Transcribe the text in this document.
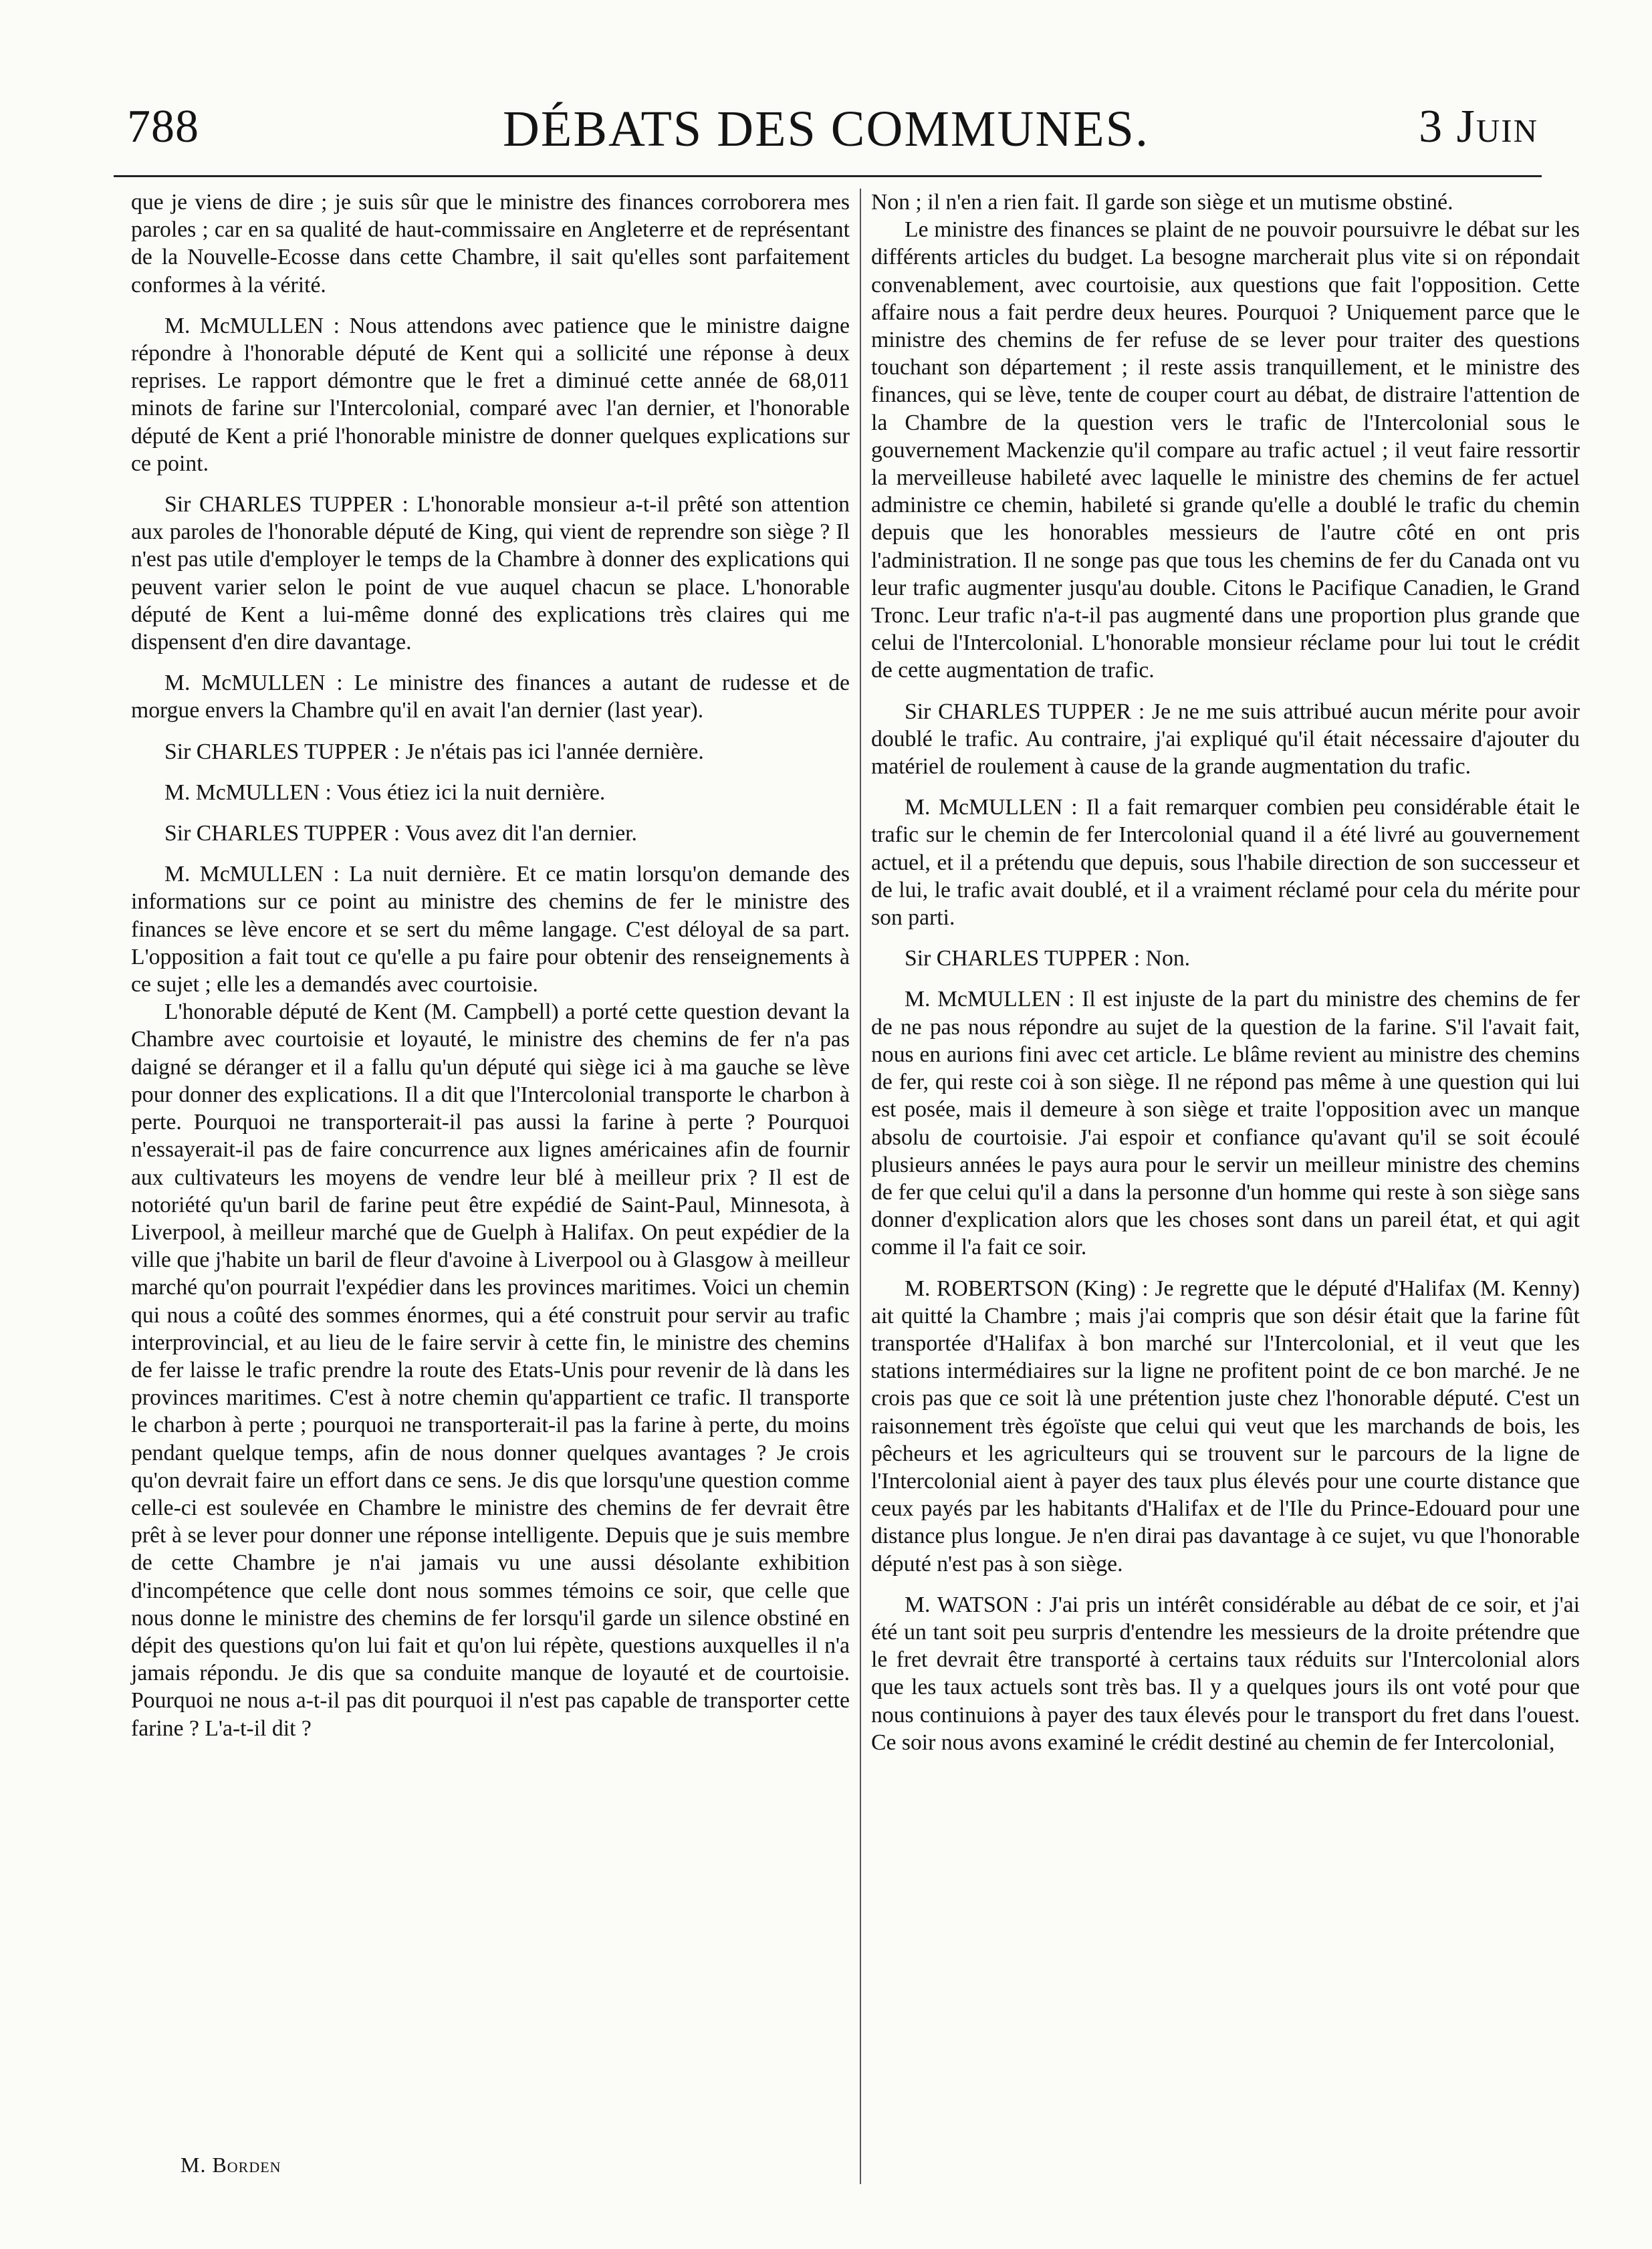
788	DÉBATS DES COMMUNES.	3 Juin

que je viens de dire ; je suis sûr que le ministre des finances corroborera mes paroles ; car en sa qualité de haut-commissaire en Angleterre et de représentant de la Nouvelle-Ecosse dans cette Chambre, il sait qu'elles sont parfaitement conformes à la vérité.

M. McMULLEN : Nous attendons avec patience que le ministre daigne répondre à l'honorable député de Kent qui a sollicité une réponse à deux reprises. Le rapport démontre que le fret a diminué cette année de 68,011 minots de farine sur l'Intercolonial, comparé avec l'an dernier, et l'honorable député de Kent a prié l'honorable ministre de donner quelques explications sur ce point.

Sir CHARLES TUPPER : L'honorable monsieur a-t-il prêté son attention aux paroles de l'honorable député de King, qui vient de reprendre son siège ? Il n'est pas utile d'employer le temps de la Chambre à donner des explications qui peuvent varier selon le point de vue auquel chacun se place. L'honorable député de Kent a lui-même donné des explications très claires qui me dispensent d'en dire davantage.

M. McMULLEN : Le ministre des finances a autant de rudesse et de morgue envers la Chambre qu'il en avait l'an dernier (last year).

Sir CHARLES TUPPER : Je n'étais pas ici l'année dernière.

M. McMULLEN : Vous étiez ici la nuit dernière.

Sir CHARLES TUPPER : Vous avez dit l'an dernier.

M. McMULLEN : La nuit dernière. Et ce matin lorsqu'on demande des informations sur ce point au ministre des chemins de fer le ministre des finances se lève encore et se sert du même langage. C'est déloyal de sa part. L'opposition a fait tout ce qu'elle a pu faire pour obtenir des renseignements à ce sujet ; elle les a demandés avec courtoisie.

L'honorable député de Kent (M. Campbell) a porté cette question devant la Chambre avec courtoisie et loyauté, le ministre des chemins de fer n'a pas daigné se déranger et il a fallu qu'un député qui siège ici à ma gauche se lève pour donner des explications. Il a dit que l'Intercolonial transporte le charbon à perte. Pourquoi ne transporterait-il pas aussi la farine à perte ? Pourquoi n'essayerait-il pas de faire concurrence aux lignes américaines afin de fournir aux cultivateurs les moyens de vendre leur blé à meilleur prix ? Il est de notoriété qu'un baril de farine peut être expédié de Saint-Paul, Minnesota, à Liverpool, à meilleur marché que de Guelph à Halifax. On peut expédier de la ville que j'habite un baril de fleur d'avoine à Liverpool ou à Glasgow à meilleur marché qu'on pourrait l'expédier dans les provinces maritimes. Voici un chemin qui nous a coûté des sommes énormes, qui a été construit pour servir au trafic interprovincial, et au lieu de le faire servir à cette fin, le ministre des chemins de fer laisse le trafic prendre la route des Etats-Unis pour revenir de là dans les provinces maritimes. C'est à notre chemin qu'appartient ce trafic. Il transporte le charbon à perte ; pourquoi ne transporterait-il pas la farine à perte, du moins pendant quelque temps, afin de nous donner quelques avantages ? Je crois qu'on devrait faire un effort dans ce sens. Je dis que lorsqu'une question comme celle-ci est soulevée en Chambre le ministre des chemins de fer devrait être prêt à se lever pour donner une réponse intelligente. Depuis que je suis membre de cette Chambre je n'ai jamais vu une aussi désolante exhibition d'incompétence que celle dont nous sommes témoins ce soir, que celle que nous donne le ministre des chemins de fer lorsqu'il garde un silence obstiné en dépit des questions qu'on lui fait et qu'on lui répète, questions auxquelles il n'a jamais répondu. Je dis que sa conduite manque de loyauté et de courtoisie. Pourquoi ne nous a-t-il pas dit pourquoi il n'est pas capable de transporter cette farine ? L'a-t-il dit ?

Non ; il n'en a rien fait. Il garde son siège et un mutisme obstiné.

Le ministre des finances se plaint de ne pouvoir poursuivre le débat sur les différents articles du budget. La besogne marcherait plus vite si on répondait convenablement, avec courtoisie, aux questions que fait l'opposition. Cette affaire nous a fait perdre deux heures. Pourquoi ? Uniquement parce que le ministre des chemins de fer refuse de se lever pour traiter des questions touchant son département ; il reste assis tranquillement, et le ministre des finances, qui se lève, tente de couper court au débat, de distraire l'attention de la Chambre de la question vers le trafic de l'Intercolonial sous le gouvernement Mackenzie qu'il compare au trafic actuel ; il veut faire ressortir la merveilleuse habileté avec laquelle le ministre des chemins de fer actuel administre ce chemin, habileté si grande qu'elle a doublé le trafic du chemin depuis que les honorables messieurs de l'autre côté en ont pris l'administration. Il ne songe pas que tous les chemins de fer du Canada ont vu leur trafic augmenter jusqu'au double. Citons le Pacifique Canadien, le Grand Tronc. Leur trafic n'a-t-il pas augmenté dans une proportion plus grande que celui de l'Intercolonial. L'honorable monsieur réclame pour lui tout le crédit de cette augmentation de trafic.

Sir CHARLES TUPPER : Je ne me suis attribué aucun mérite pour avoir doublé le trafic. Au contraire, j'ai expliqué qu'il était nécessaire d'ajouter du matériel de roulement à cause de la grande augmentation du trafic.

M. McMULLEN : Il a fait remarquer combien peu considérable était le trafic sur le chemin de fer Intercolonial quand il a été livré au gouvernement actuel, et il a prétendu que depuis, sous l'habile direction de son successeur et de lui, le trafic avait doublé, et il a vraiment réclamé pour cela du mérite pour son parti.

Sir CHARLES TUPPER : Non.

M. McMULLEN : Il est injuste de la part du ministre des chemins de fer de ne pas nous répondre au sujet de la question de la farine. S'il l'avait fait, nous en aurions fini avec cet article. Le blâme revient au ministre des chemins de fer, qui reste coi à son siège. Il ne répond pas même à une question qui lui est posée, mais il demeure à son siège et traite l'opposition avec un manque absolu de courtoisie. J'ai espoir et confiance qu'avant qu'il se soit écoulé plusieurs années le pays aura pour le servir un meilleur ministre des chemins de fer que celui qu'il a dans la personne d'un homme qui reste à son siège sans donner d'explication alors que les choses sont dans un pareil état, et qui agit comme il l'a fait ce soir.

M. ROBERTSON (King) : Je regrette que le député d'Halifax (M. Kenny) ait quitté la Chambre ; mais j'ai compris que son désir était que la farine fût transportée d'Halifax à bon marché sur l'Intercolonial, et il veut que les stations intermédiaires sur la ligne ne profitent point de ce bon marché. Je ne crois pas que ce soit là une prétention juste chez l'honorable député. C'est un raisonnement très égoïste que celui qui veut que les marchands de bois, les pêcheurs et les agriculteurs qui se trouvent sur le parcours de la ligne de l'Intercolonial aient à payer des taux plus élevés pour une courte distance que ceux payés par les habitants d'Halifax et de l'Ile du Prince-Edouard pour une distance plus longue. Je n'en dirai pas davantage à ce sujet, vu que l'honorable député n'est pas à son siège.

M. WATSON : J'ai pris un intérêt considérable au débat de ce soir, et j'ai été un tant soit peu surpris d'entendre les messieurs de la droite prétendre que le fret devrait être transporté à certains taux réduits sur l'Intercolonial alors que les taux actuels sont très bas. Il y a quelques jours ils ont voté pour que nous continuions à payer des taux élevés pour le transport du fret dans l'ouest. Ce soir nous avons examiné le crédit destiné au chemin de fer Intercolonial,

M. Borden
